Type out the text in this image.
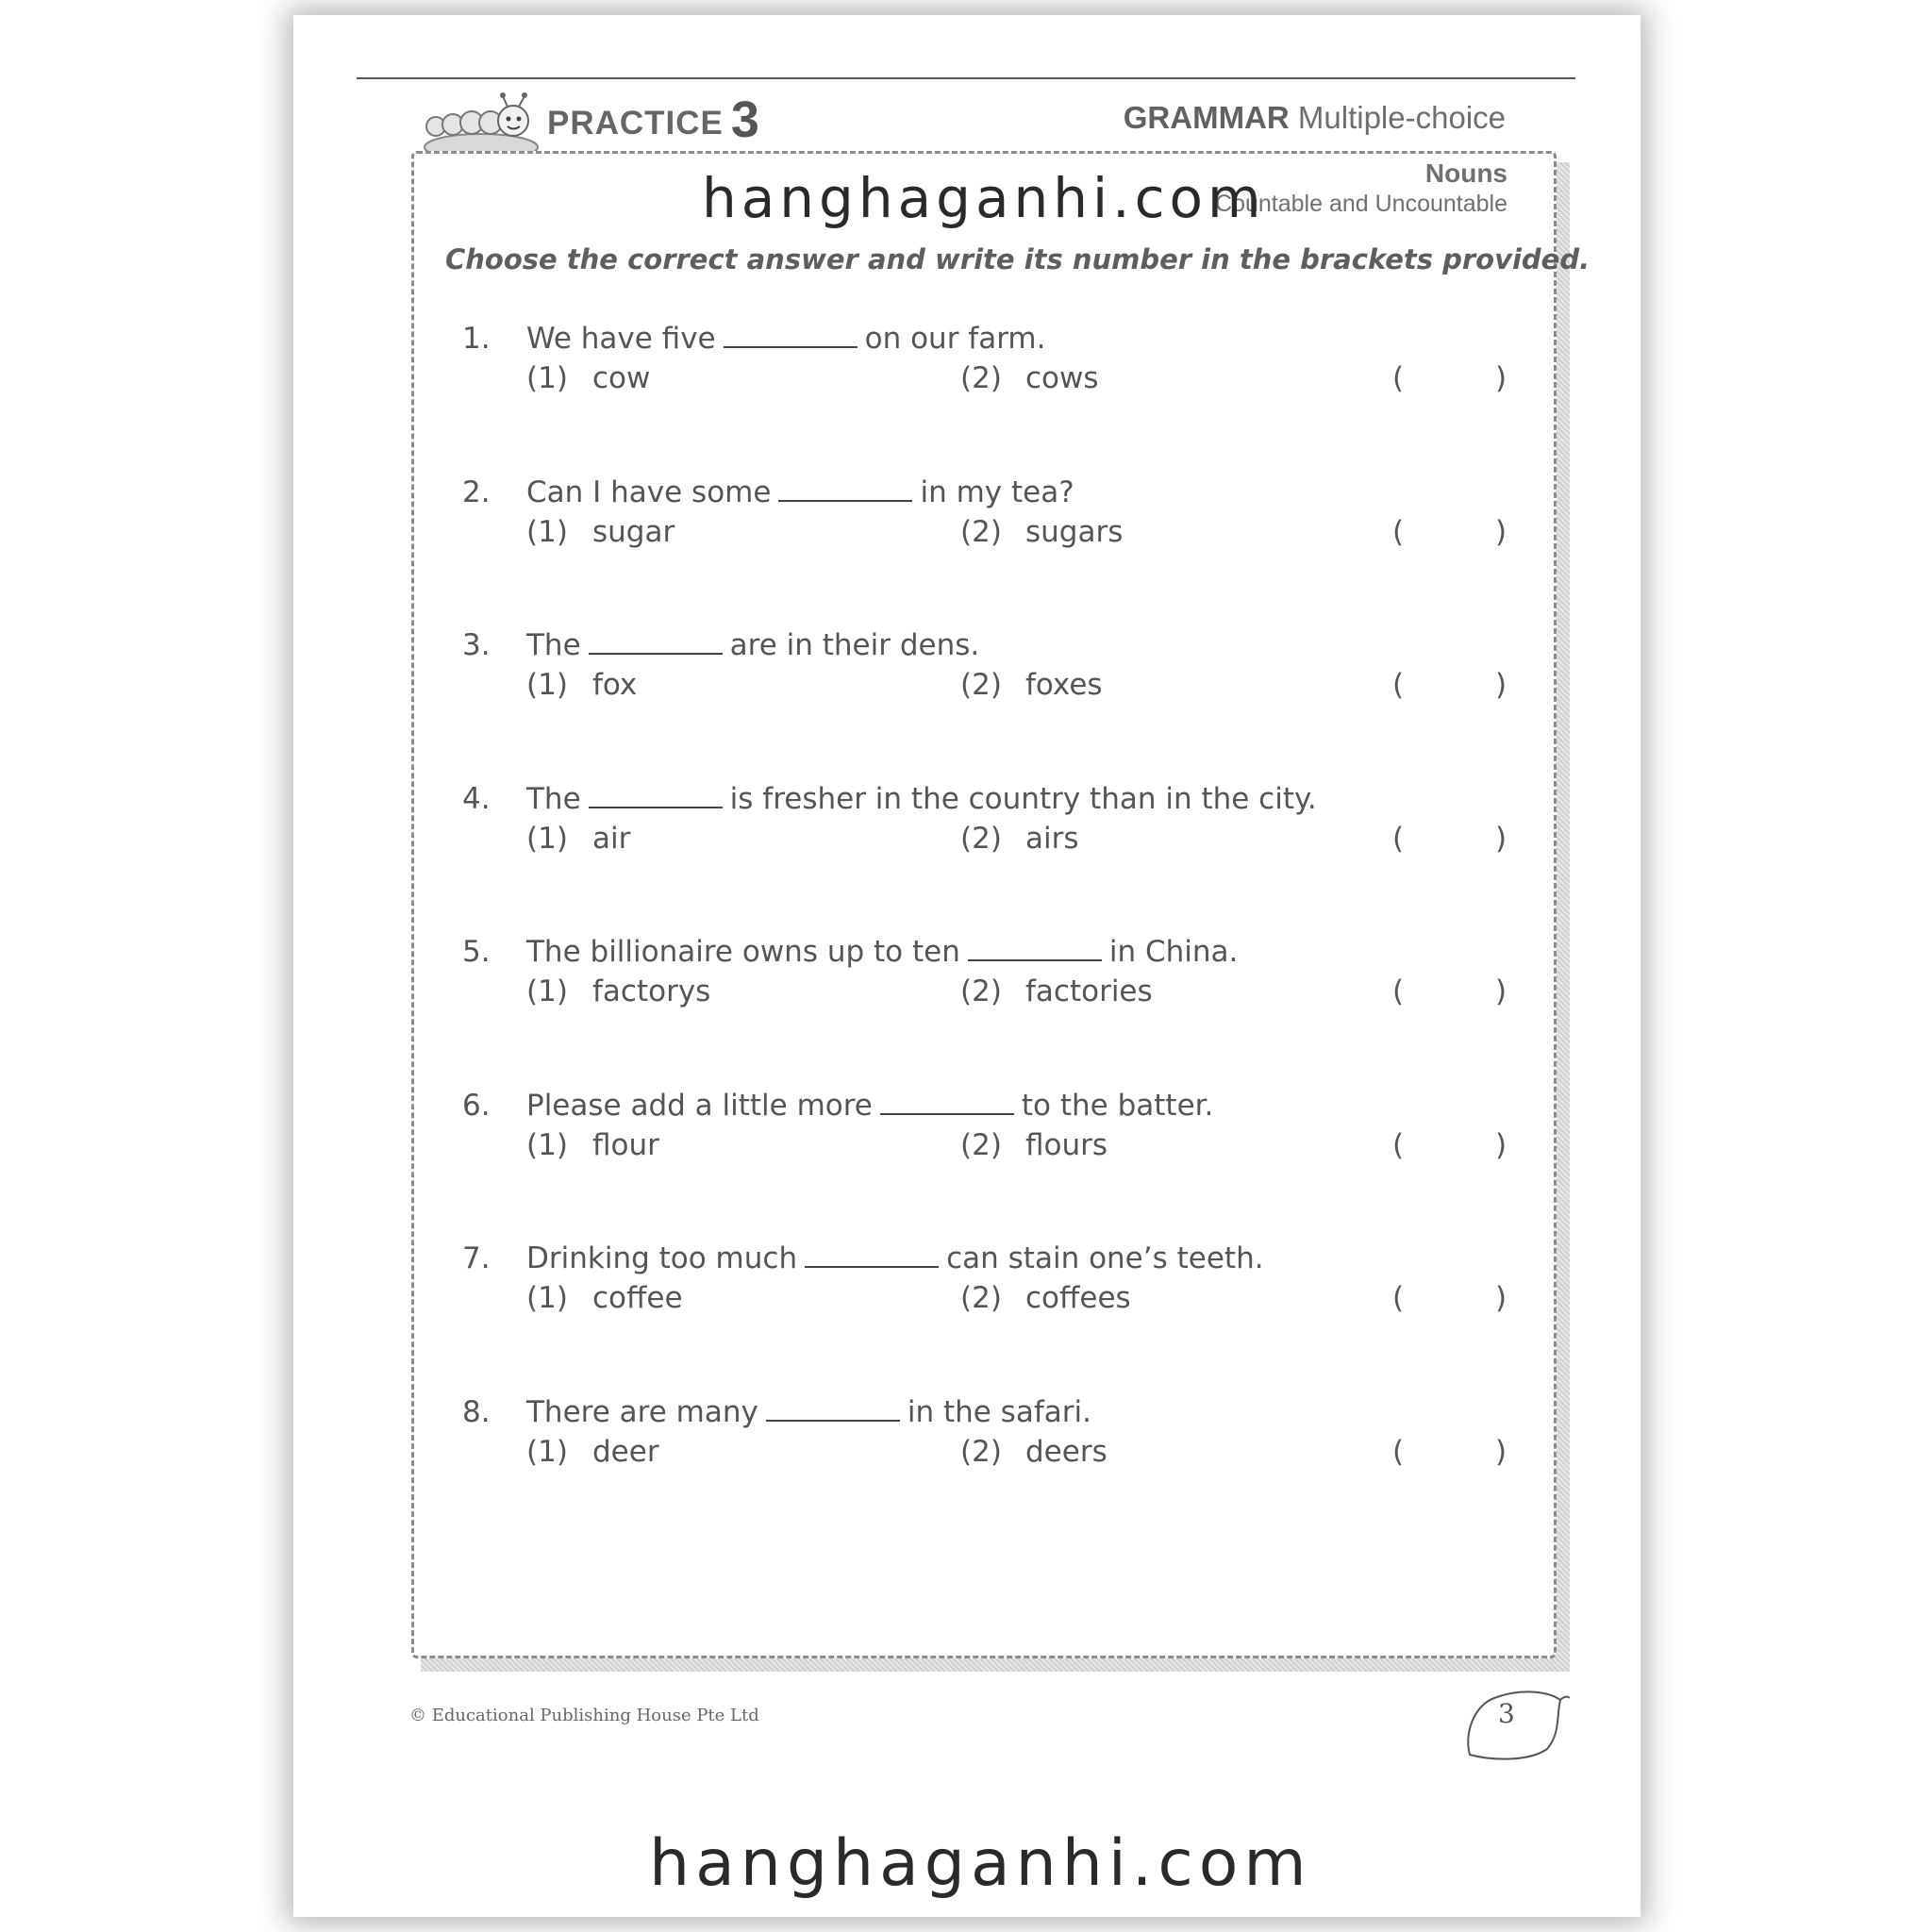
PRACTICE 3	GRAMMAR Multiple-choice
Nouns
Countable and Uncountable
hanghaganhi.com
Choose the correct answer and write its number in the brackets provided.
1. We have five	on our farm.
(1) cow	(2) cows	(	)
2. Can I have some	in my tea?
(1) sugar	(2) sugars	(	)
3. The	are in their dens.
(1) fox	(2) foxes	(	)
4. The	is fresher in the country than in the city.
(1) air	(2) airs	(	)
5. The billionaire owns up to ten	in China.
(1) factorys	(2) factories	(	)
6. Please add a little more	to the batter.
(1) flour	(2) flours	(	)
7. Drinking too much	can stain one’s teeth.
(1) coffee	(2) coffees	(	)
8. There are many	in the safari.
(1) deer	(2) deers	(	)
© Educational Publishing House Pte Ltd	3
hanghaganhi.com
